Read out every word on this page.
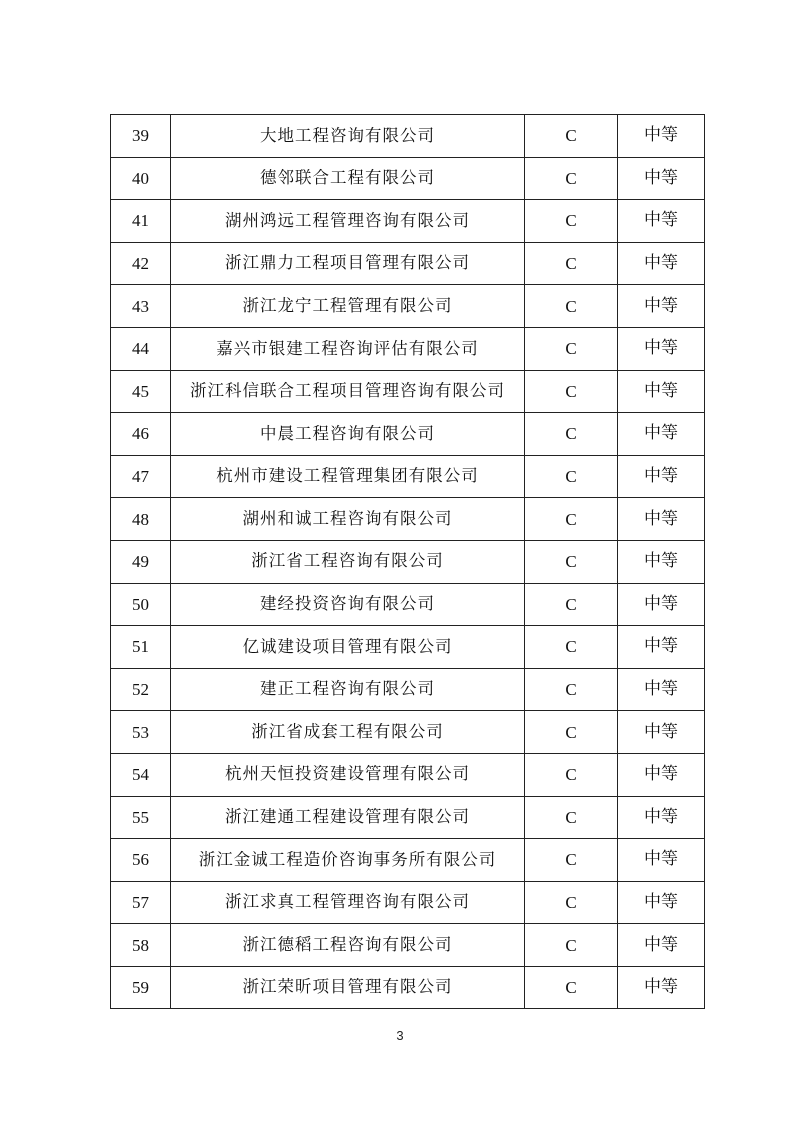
39	大地工程咨询有限公司	C	中等
40	德邻联合工程有限公司	C	中等
41	湖州鸿远工程管理咨询有限公司	C	中等
42	浙江鼎力工程项目管理有限公司	C	中等
43	浙江龙宁工程管理有限公司	C	中等
44	嘉兴市银建工程咨询评估有限公司	C	中等
45	浙江科信联合工程项目管理咨询有限公司	C	中等
46	中晨工程咨询有限公司	C	中等
47	杭州市建设工程管理集团有限公司	C	中等
48	湖州和诚工程咨询有限公司	C	中等
49	浙江省工程咨询有限公司	C	中等
50	建经投资咨询有限公司	C	中等
51	亿诚建设项目管理有限公司	C	中等
52	建正工程咨询有限公司	C	中等
53	浙江省成套工程有限公司	C	中等
54	杭州天恒投资建设管理有限公司	C	中等
55	浙江建通工程建设管理有限公司	C	中等
56	浙江金诚工程造价咨询事务所有限公司	C	中等
57	浙江求真工程管理咨询有限公司	C	中等
58	浙江德稻工程咨询有限公司	C	中等
59	浙江荣昕项目管理有限公司	C	中等
3
